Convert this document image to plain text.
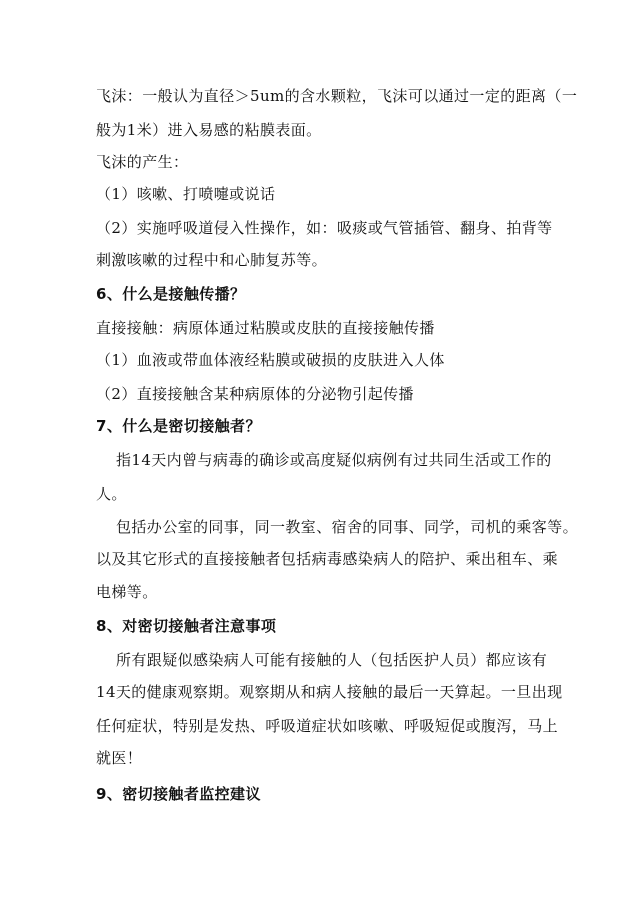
飞沫：一般认为直径＞5um的含水颗粒，飞沫可以通过一定的距离（一
般为1米）进入易感的粘膜表面。
飞沫的产生：
（1）咳嗽、打喷嚏或说话
（2）实施呼吸道侵入性操作，如：吸痰或气管插管、翻身、拍背等
刺激咳嗽的过程中和心肺复苏等。
6、什么是接触传播？
直接接触：病原体通过粘膜或皮肤的直接接触传播
（1）血液或带血体液经粘膜或破损的皮肤进入人体
（2）直接接触含某种病原体的分泌物引起传播
7、什么是密切接触者？
指14天内曾与病毒的确诊或高度疑似病例有过共同生活或工作的
人。
包括办公室的同事，同一教室、宿舍的同事、同学，司机的乘客等。
以及其它形式的直接接触者包括病毒感染病人的陪护、乘出租车、乘
电梯等。
8、对密切接触者注意事项
所有跟疑似感染病人可能有接触的人（包括医护人员）都应该有
14天的健康观察期。观察期从和病人接触的最后一天算起。一旦出现
任何症状，特别是发热、呼吸道症状如咳嗽、呼吸短促或腹泻，马上
就医！
9、密切接触者监控建议
